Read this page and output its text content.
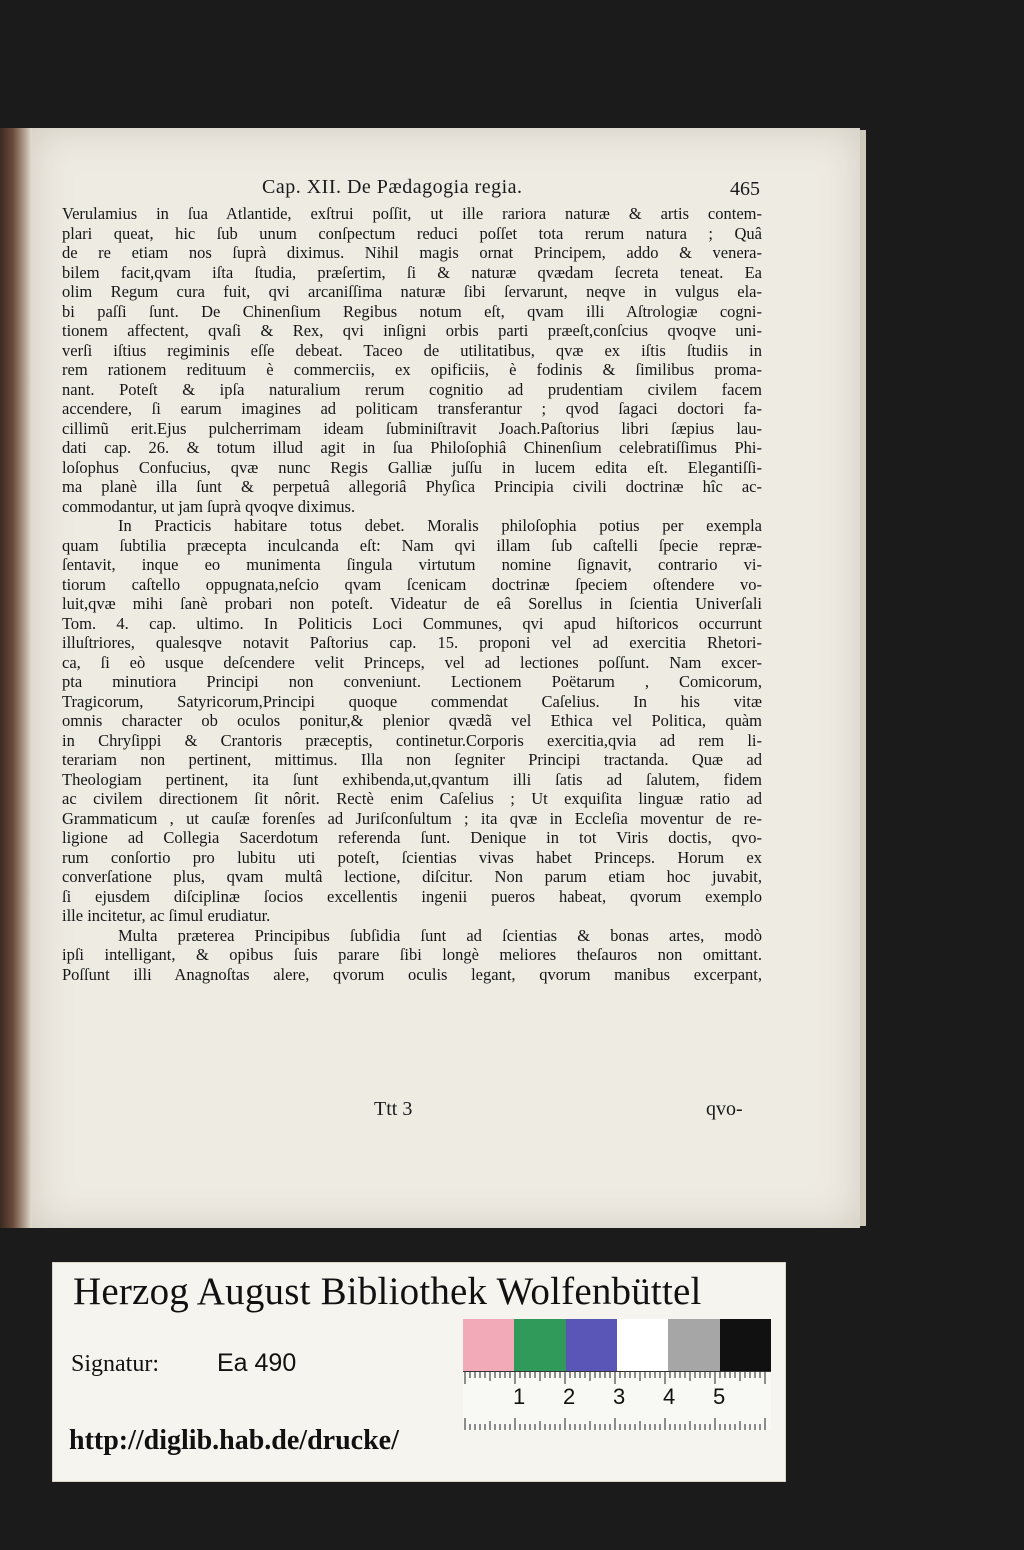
Cap. XII. De Pædagogia regia.	465
Verulamius in ſua Atlantide, exſtrui poſſit, ut ille rariora naturæ & artis contem-
plari queat, hic ſub unum conſpectum reduci poſſet tota rerum natura ; Quâ
de re etiam nos ſuprà diximus. Nihil magis ornat Principem, addo & venera-
bilem facit,qvam iſta ſtudia, præſertim, ſi & naturæ qvædam ſecreta teneat. Ea
olim Regum cura fuit, qvi arcaniſſima naturæ ſibi ſervarunt, neqve in vulgus ela-
bi paſſi ſunt. De Chinenſium Regibus notum eſt, qvam illi Aſtrologiæ cogni-
tionem affectent, qvaſi & Rex, qvi inſigni orbis parti præeſt,conſcius qvoqve uni-
verſi iſtius regiminis eſſe debeat. Taceo de utilitatibus, qvæ ex iſtis ſtudiis in
rem rationem redituum è commerciis, ex opificiis, è fodinis & ſimilibus proma-
nant. Poteſt & ipſa naturalium rerum cognitio ad prudentiam civilem facem
accendere, ſi earum imagines ad politicam transferantur ; qvod ſagaci doctori fa-
cillimũ erit.Ejus pulcherrimam ideam ſubminiſtravit Joach.Paſtorius libri ſæpius lau-
dati cap. 26. & totum illud agit in ſua Philoſophiâ Chinenſium celebratiſſimus Phi-
loſophus Confucius, qvæ nunc Regis Galliæ juſſu in lucem edita eſt. Elegantiſſi-
ma planè illa ſunt & perpetuâ allegoriâ Phyſica Principia civili doctrinæ hîc ac-
commodantur, ut jam ſuprà qvoqve diximus.
In Practicis habitare totus debet. Moralis philoſophia potius per exempla
quam ſubtilia præcepta inculcanda eſt: Nam qvi illam ſub caſtelli ſpecie repræ-
ſentavit, inque eo munimenta ſingula virtutum nomine ſignavit, contrario vi-
tiorum caſtello oppugnata,neſcio qvam ſcenicam doctrinæ ſpeciem oſtendere vo-
luit,qvæ mihi ſanè probari non poteſt. Videatur de eâ Sorellus in ſcientia Univerſali
Tom. 4. cap. ultimo. In Politicis Loci Communes, qvi apud hiſtoricos occurrunt
illuſtriores, qualesqve notavit Paſtorius cap. 15. proponi vel ad exercitia Rhetori-
ca, ſi eò usque deſcendere velit Princeps, vel ad lectiones poſſunt. Nam excer-
pta minutiora Principi non conveniunt. Lectionem Poëtarum , Comicorum,
Tragicorum, Satyricorum,Principi quoque commendat Caſelius. In his vitæ
omnis character ob oculos ponitur,& plenior qvædã vel Ethica vel Politica, quàm
in Chryſippi & Crantoris præceptis, continetur.Corporis exercitia,qvia ad rem li-
terariam non pertinent, mittimus. Illa non ſegniter Principi tractanda. Quæ ad
Theologiam pertinent, ita ſunt exhibenda,ut,qvantum illi ſatis ad ſalutem, fidem
ac civilem directionem ſit nôrit. Rectè enim Caſelius ; Ut exquiſita linguæ ratio ad
Grammaticum , ut cauſæ forenſes ad Juriſconſultum ; ita qvæ in Eccleſia moventur de re-
ligione ad Collegia Sacerdotum referenda ſunt. Denique in tot Viris doctis, qvo-
rum conſortio pro lubitu uti poteſt, ſcientias vivas habet Princeps. Horum ex
converſatione plus, qvam multâ lectione, diſcitur. Non parum etiam hoc juvabit,
ſi ejusdem diſciplinæ ſocios excellentis ingenii pueros habeat, qvorum exemplo
ille incitetur, ac ſimul erudiatur.
Multa præterea Principibus ſubſidia ſunt ad ſcientias & bonas artes, modò
ipſi intelligant, & opibus ſuis parare ſibi longè meliores theſauros non omittant.
Poſſunt illi Anagnoſtas alere, qvorum oculis legant, qvorum manibus excerpant,
Ttt 3	qvo-
Herzog August Bibliothek Wolfenbüttel
1 2 3 4 5
Signatur: Ea 490
http://diglib.hab.de/drucke/
